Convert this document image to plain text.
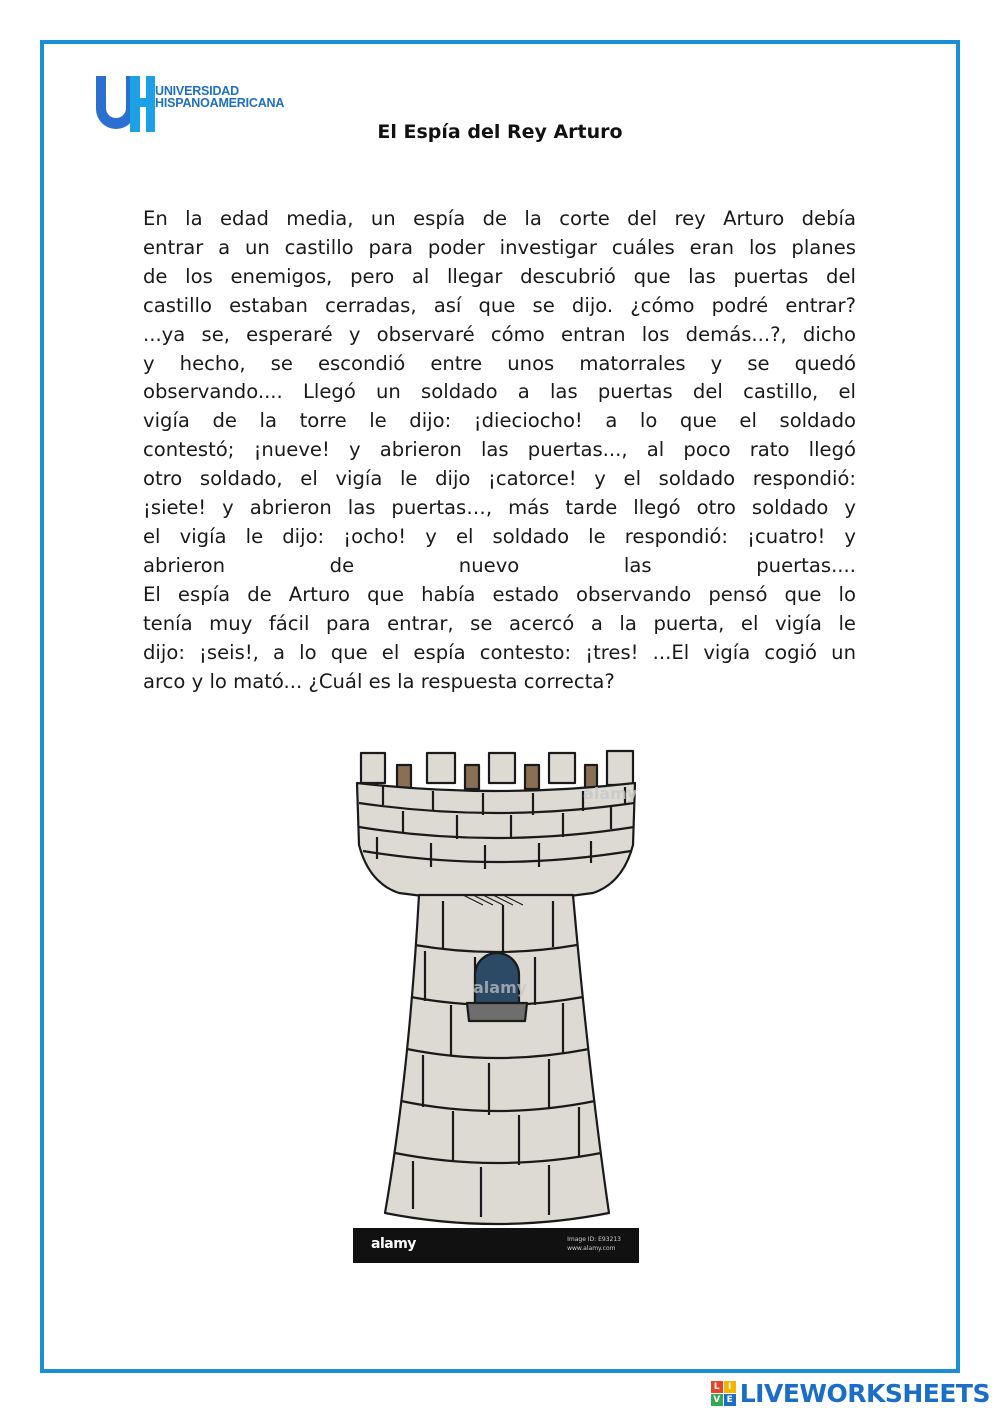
UNIVERSIDAD
HISPANOAMERICANA
El Espía del Rey Arturo
En la edad media, un espía de la corte del rey Arturo debía
entrar a un castillo para poder investigar cuáles eran los planes
de los enemigos, pero al llegar descubrió que las puertas del
castillo estaban cerradas, así que se dijo. ¿cómo podré entrar?
...ya se, esperaré y observaré cómo entran los demás...?, dicho
y hecho, se escondió entre unos matorrales y se quedó
observando.... Llegó un soldado a las puertas del castillo, el
vigía de la torre le dijo: ¡dieciocho! a lo que el soldado
contestó; ¡nueve! y abrieron las puertas..., al poco rato llegó
otro soldado, el vigía le dijo ¡catorce! y el soldado respondió:
¡siete! y abrieron las puertas…, más tarde llegó otro soldado y
el vigía le dijo: ¡ocho! y el soldado le respondió: ¡cuatro! y
abrieron de nuevo las puertas....
El espía de Arturo que había estado observando pensó que lo
tenía muy fácil para entrar, se acercó a la puerta, el vigía le
dijo: ¡seis!, a lo que el espía contesto: ¡tres! ...El vigía cogió un
arco y lo mató... ¿Cuál es la respuesta correcta?
alamy
alamy
alamy	Image ID: E93213
www.alamy.com
L I
V E LIVEWORKSHEETS
